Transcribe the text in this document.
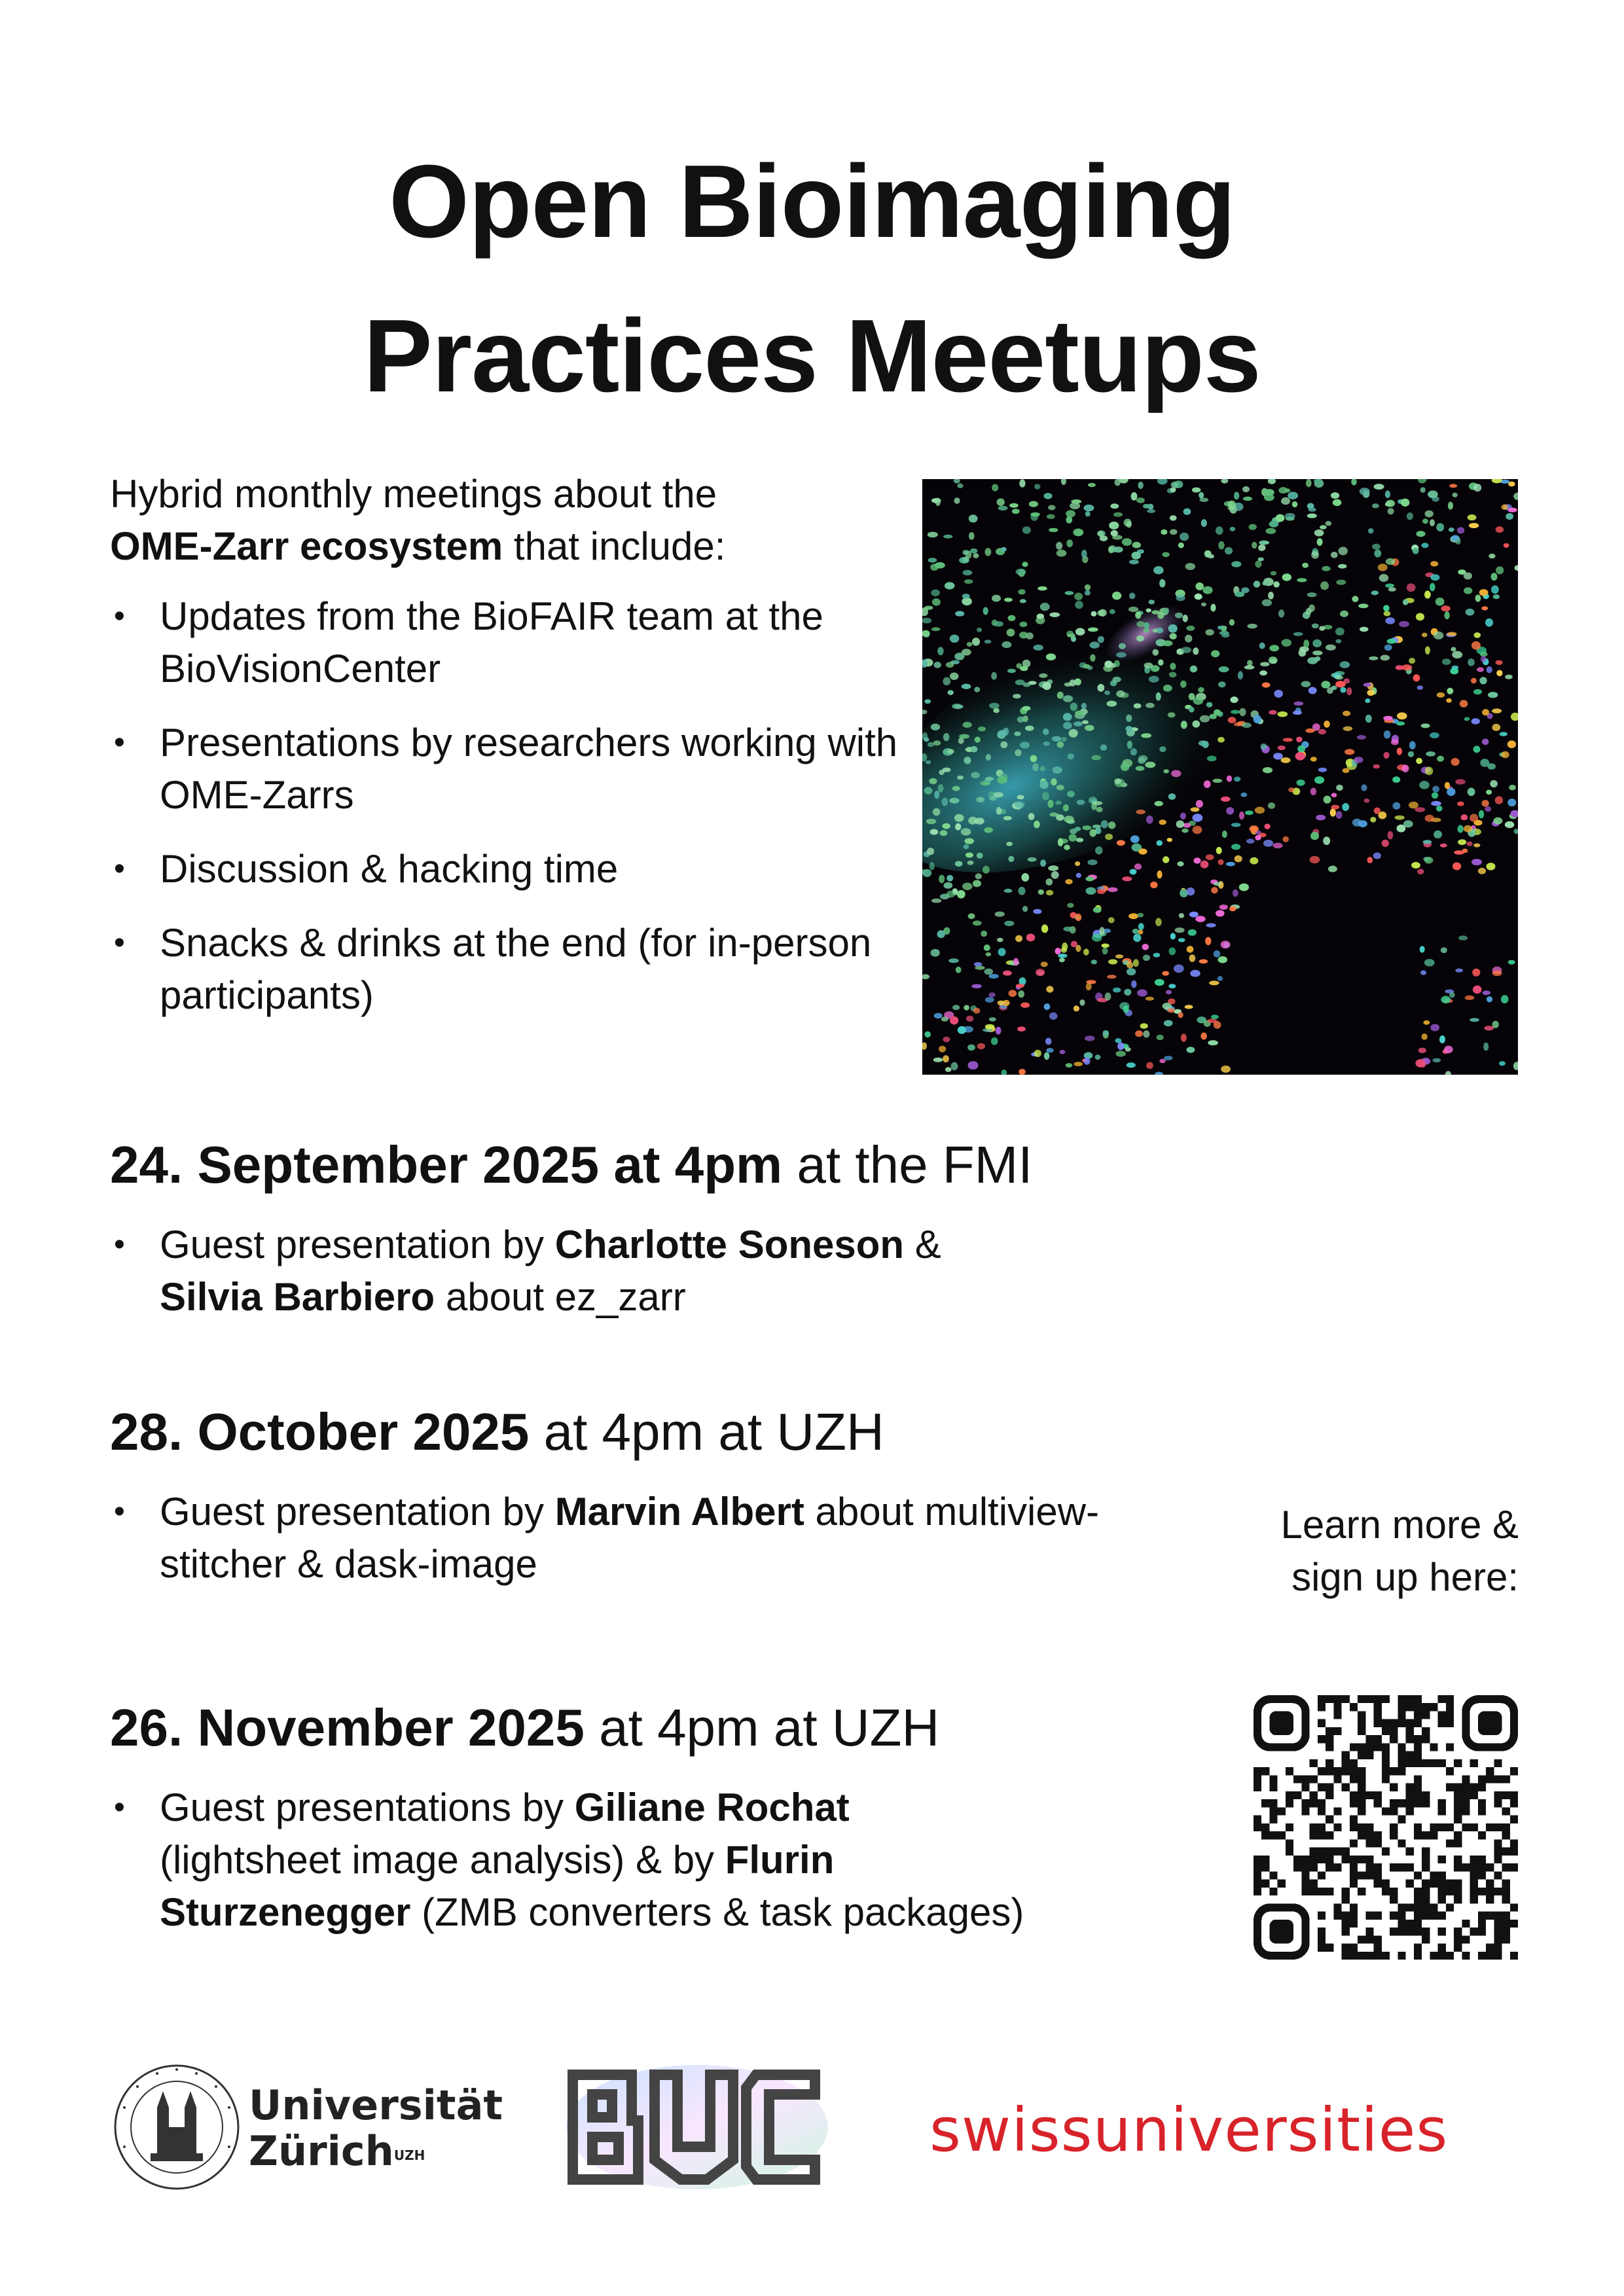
Open Bioimaging
Practices Meetups
Hybrid monthly meetings about the
OME-Zarr ecosystem that include:
• Updates from the BioFAIR team at the BioVisionCenter
• Presentations by researchers working with OME-Zarrs
• Discussion & hacking time
• Snacks & drinks at the end (for in-person participants)
24. September 2025 at 4pm at the FMI
• Guest presentation by Charlotte Soneson &
Silvia Barbiero about ez_zarr
28. October 2025 at 4pm at UZH
• Guest presentation by Marvin Albert about multiview-stitcher & dask-image
Learn more &
sign up here:
26. November 2025 at 4pm at UZH
• Guest presentations by Giliane Rochat (lightsheet image analysis) & by Flurin Sturzenegger (ZMB converters & task packages)
Universität
Zürich$^{UZH}$	swissuniversities
